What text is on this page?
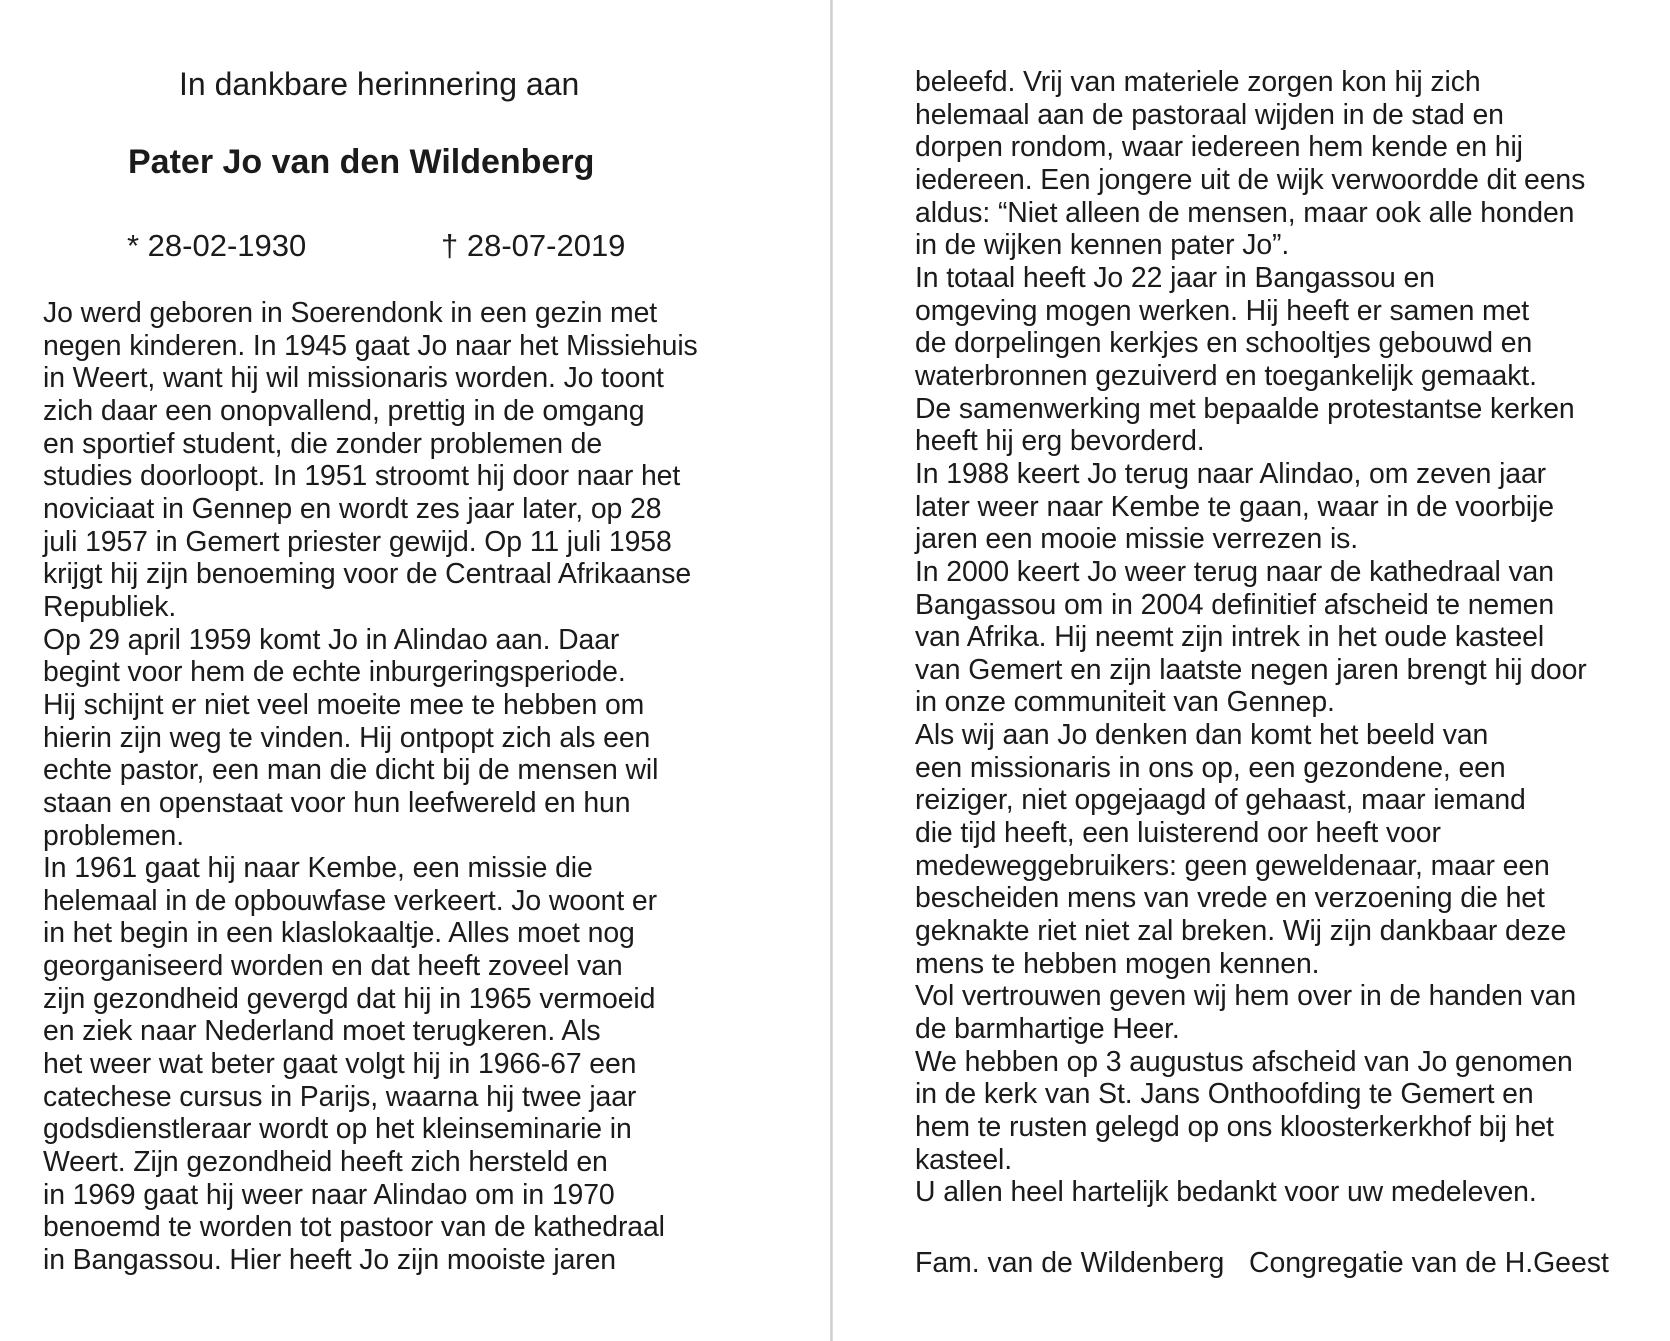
In dankbare herinnering aan
Pater Jo van den Wildenberg
* 28-02-1930	† 28-07-2019
Jo werd geboren in Soerendonk in een gezin met
negen kinderen. In 1945 gaat Jo naar het Missiehuis
in Weert, want hij wil missionaris worden. Jo toont
zich daar een onopvallend, prettig in de omgang
en sportief student, die zonder problemen de
studies doorloopt. In 1951 stroomt hij door naar het
noviciaat in Gennep en wordt zes jaar later, op 28
juli 1957 in Gemert priester gewijd. Op 11 juli 1958
krijgt hij zijn benoeming voor de Centraal Afrikaanse
Republiek.
Op 29 april 1959 komt Jo in Alindao aan. Daar
begint voor hem de echte inburgeringsperiode.
Hij schijnt er niet veel moeite mee te hebben om
hierin zijn weg te vinden. Hij ontpopt zich als een
echte pastor, een man die dicht bij de mensen wil
staan en openstaat voor hun leefwereld en hun
problemen.
In 1961 gaat hij naar Kembe, een missie die
helemaal in de opbouwfase verkeert. Jo woont er
in het begin in een klaslokaaltje. Alles moet nog
georganiseerd worden en dat heeft zoveel van
zijn gezondheid gevergd dat hij in 1965 vermoeid
en ziek naar Nederland moet terugkeren. Als
het weer wat beter gaat volgt hij in 1966-67 een
catechese cursus in Parijs, waarna hij twee jaar
godsdienstleraar wordt op het kleinseminarie in
Weert. Zijn gezondheid heeft zich hersteld en
in 1969 gaat hij weer naar Alindao om in 1970
benoemd te worden tot pastoor van de kathedraal
in Bangassou. Hier heeft Jo zijn mooiste jaren
beleefd. Vrij van materiele zorgen kon hij zich
helemaal aan de pastoraal wijden in de stad en
dorpen rondom, waar iedereen hem kende en hij
iedereen. Een jongere uit de wijk verwoordde dit eens
aldus: “Niet alleen de mensen, maar ook alle honden
in de wijken kennen pater Jo”.
In totaal heeft Jo 22 jaar in Bangassou en
omgeving mogen werken. Hij heeft er samen met
de dorpelingen kerkjes en schooltjes gebouwd en
waterbronnen gezuiverd en toegankelijk gemaakt.
De samenwerking met bepaalde protestantse kerken
heeft hij erg bevorderd.
In 1988 keert Jo terug naar Alindao, om zeven jaar
later weer naar Kembe te gaan, waar in de voorbije
jaren een mooie missie verrezen is.
In 2000 keert Jo weer terug naar de kathedraal van
Bangassou om in 2004 definitief afscheid te nemen
van Afrika. Hij neemt zijn intrek in het oude kasteel
van Gemert en zijn laatste negen jaren brengt hij door
in onze communiteit van Gennep.
Als wij aan Jo denken dan komt het beeld van
een missionaris in ons op, een gezondene, een
reiziger, niet opgejaagd of gehaast, maar iemand
die tijd heeft, een luisterend oor heeft voor
medeweggebruikers: geen geweldenaar, maar een
bescheiden mens van vrede en verzoening die het
geknakte riet niet zal breken. Wij zijn dankbaar deze
mens te hebben mogen kennen.
Vol vertrouwen geven wij hem over in de handen van
de barmhartige Heer.
We hebben op 3 augustus afscheid van Jo genomen
in de kerk van St. Jans Onthoofding te Gemert en
hem te rusten gelegd op ons kloosterkerkhof bij het
kasteel.
U allen heel hartelijk bedankt voor uw medeleven.
Fam. van de Wildenberg Congregatie van de H.Geest
